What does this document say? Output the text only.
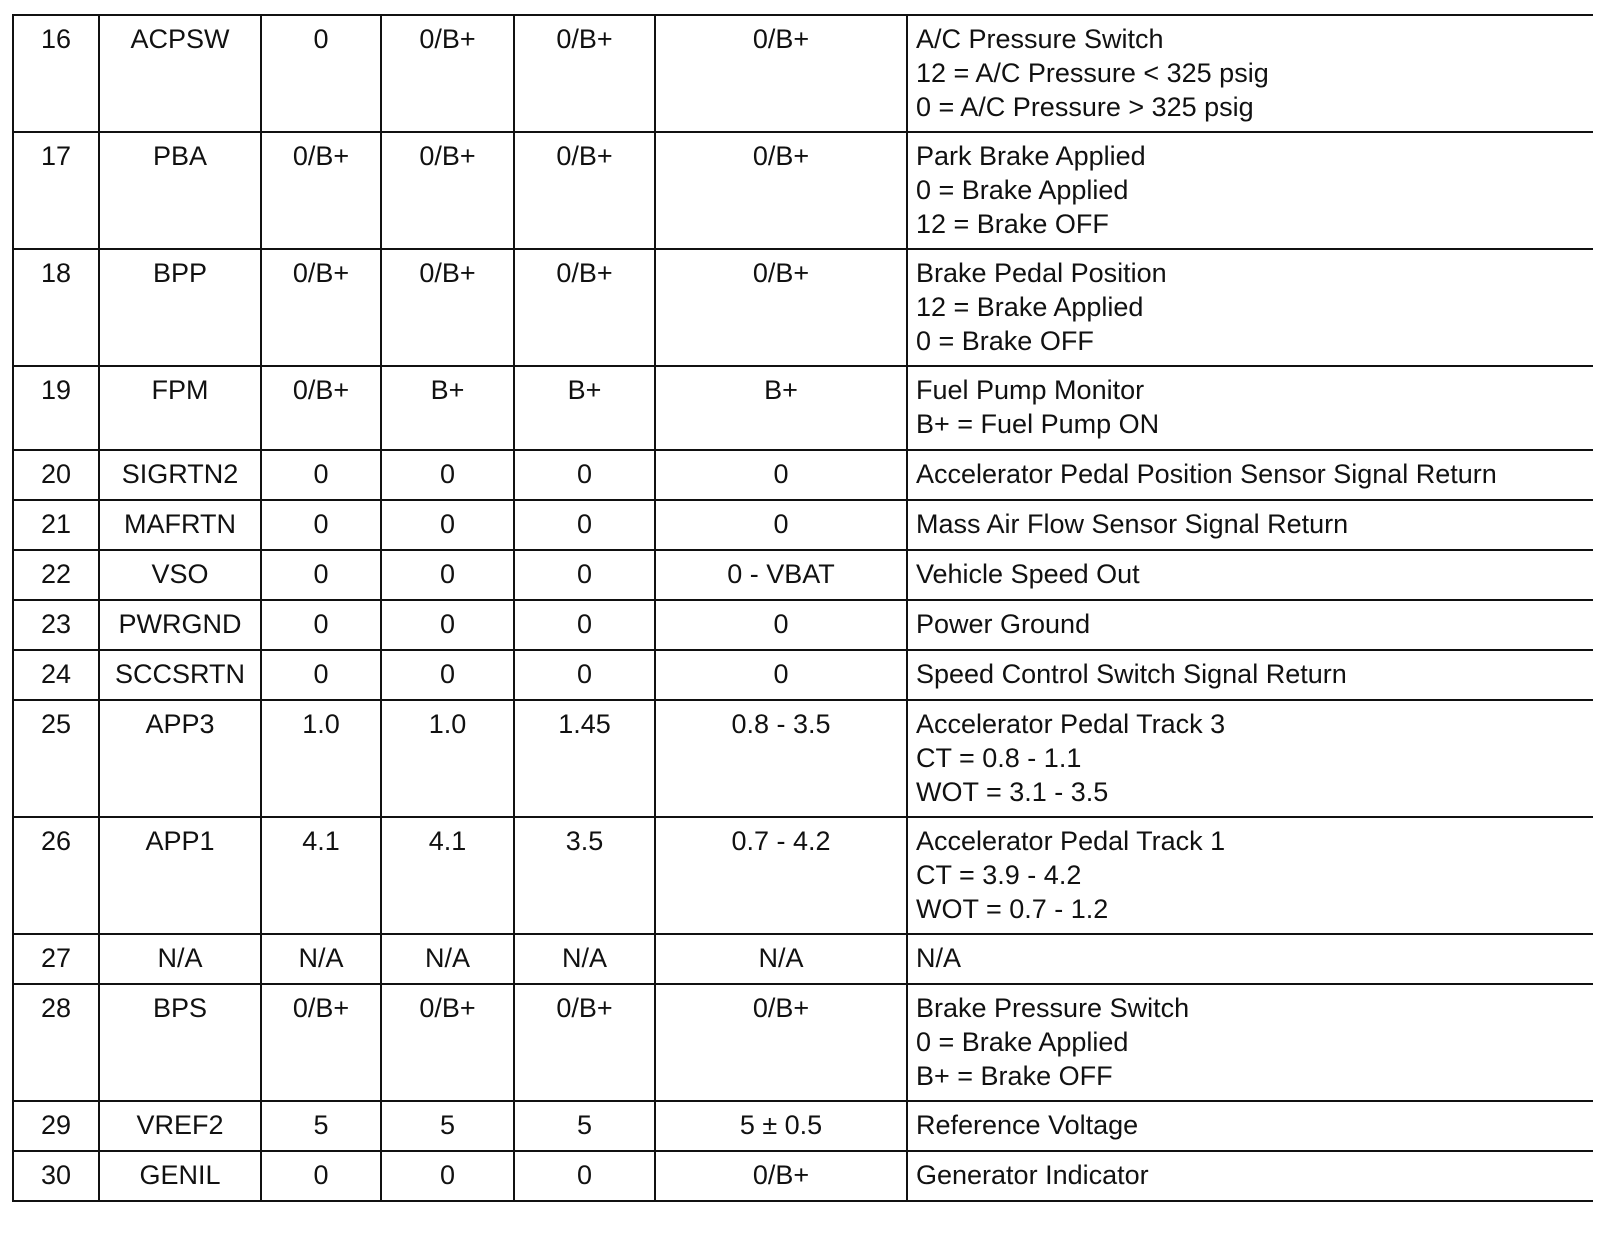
16	ACPSW	0	0/B+	0/B+	0/B+	A/C Pressure Switch
12 = A/C Pressure < 325 psig
0 = A/C Pressure > 325 psig

17	PBA	0/B+	0/B+	0/B+	0/B+	Park Brake Applied
0 = Brake Applied
12 = Brake OFF

18	BPP	0/B+	0/B+	0/B+	0/B+	Brake Pedal Position
12 = Brake Applied
0 = Brake OFF

19	FPM	0/B+	B+	B+	B+	Fuel Pump Monitor
B+ = Fuel Pump ON

20	SIGRTN2	0	0	0	0	Accelerator Pedal Position Sensor Signal Return

21	MAFRTN	0	0	0	0	Mass Air Flow Sensor Signal Return

22	VSO	0	0	0	0 - VBAT	Vehicle Speed Out

23	PWRGND	0	0	0	0	Power Ground

24	SCCSRTN	0	0	0	0	Speed Control Switch Signal Return

25	APP3	1.0	1.0	1.45	0.8 - 3.5	Accelerator Pedal Track 3
CT = 0.8 - 1.1
WOT = 3.1 - 3.5

26	APP1	4.1	4.1	3.5	0.7 - 4.2	Accelerator Pedal Track 1
CT = 3.9 - 4.2
WOT = 0.7 - 1.2

27	N/A	N/A	N/A	N/A	N/A	N/A

28	BPS	0/B+	0/B+	0/B+	0/B+	Brake Pressure Switch
0 = Brake Applied
B+ = Brake OFF

29	VREF2	5	5	5	5 ± 0.5	Reference Voltage

30	GENIL	0	0	0	0/B+	Generator Indicator
